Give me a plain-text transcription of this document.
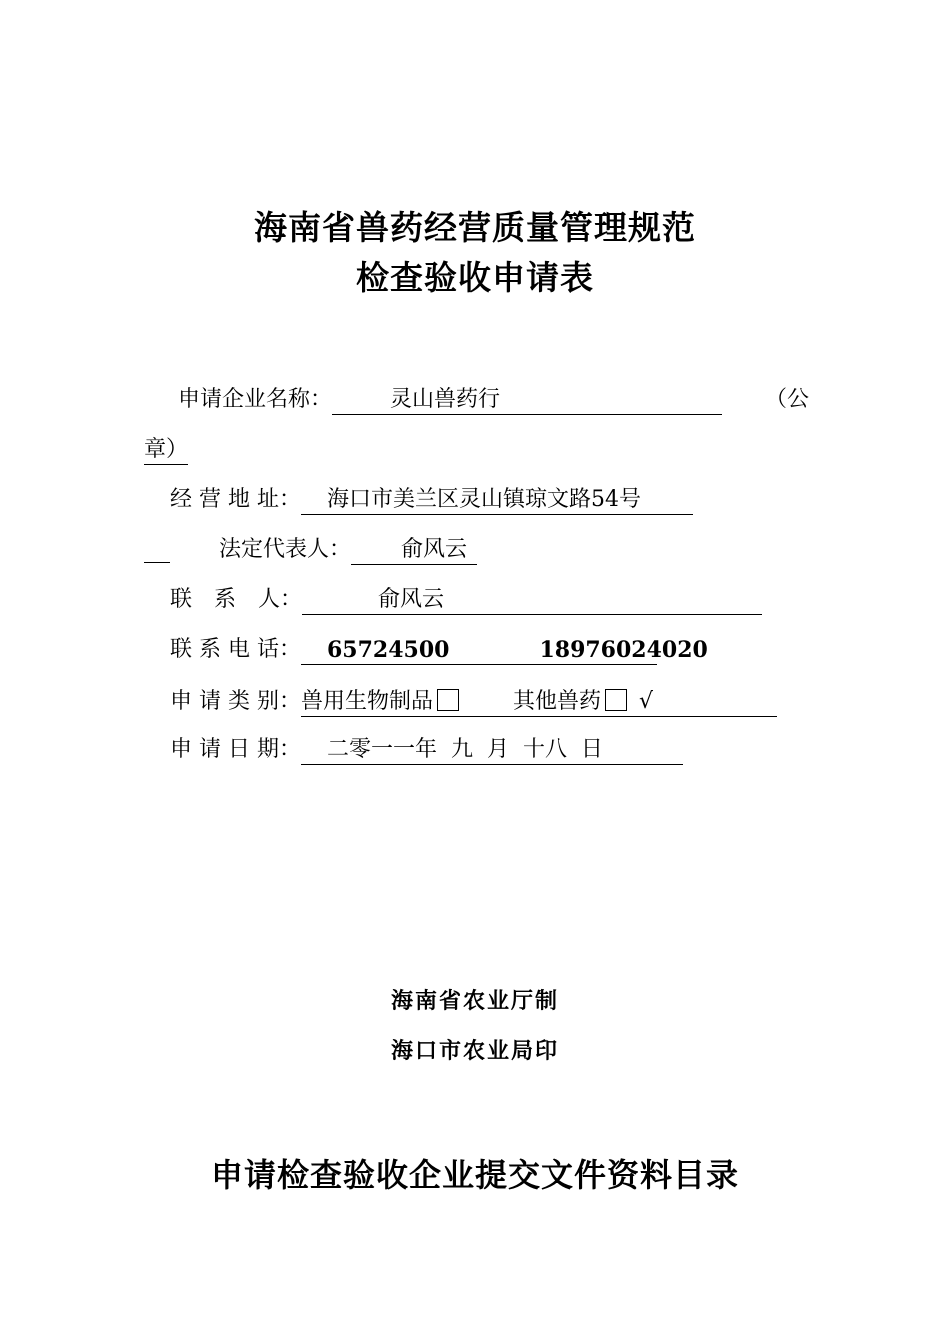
海南省兽药经营质量管理规范
检查验收申请表
申请企业名称：	灵山兽药行	（公
章）
经 营 地 址： 海口市美兰区灵山镇琼文路54号
法定代表人： 俞风云
联　系　人：	俞风云
联 系 电 话： 65724500	18976024020
申 请 类 别：兽用生物制品	其他兽药 √
申 请 日 期： 二零一一年  九  月  十八  日
海南省农业厅制
海口市农业局印
申请检查验收企业提交文件资料目录
